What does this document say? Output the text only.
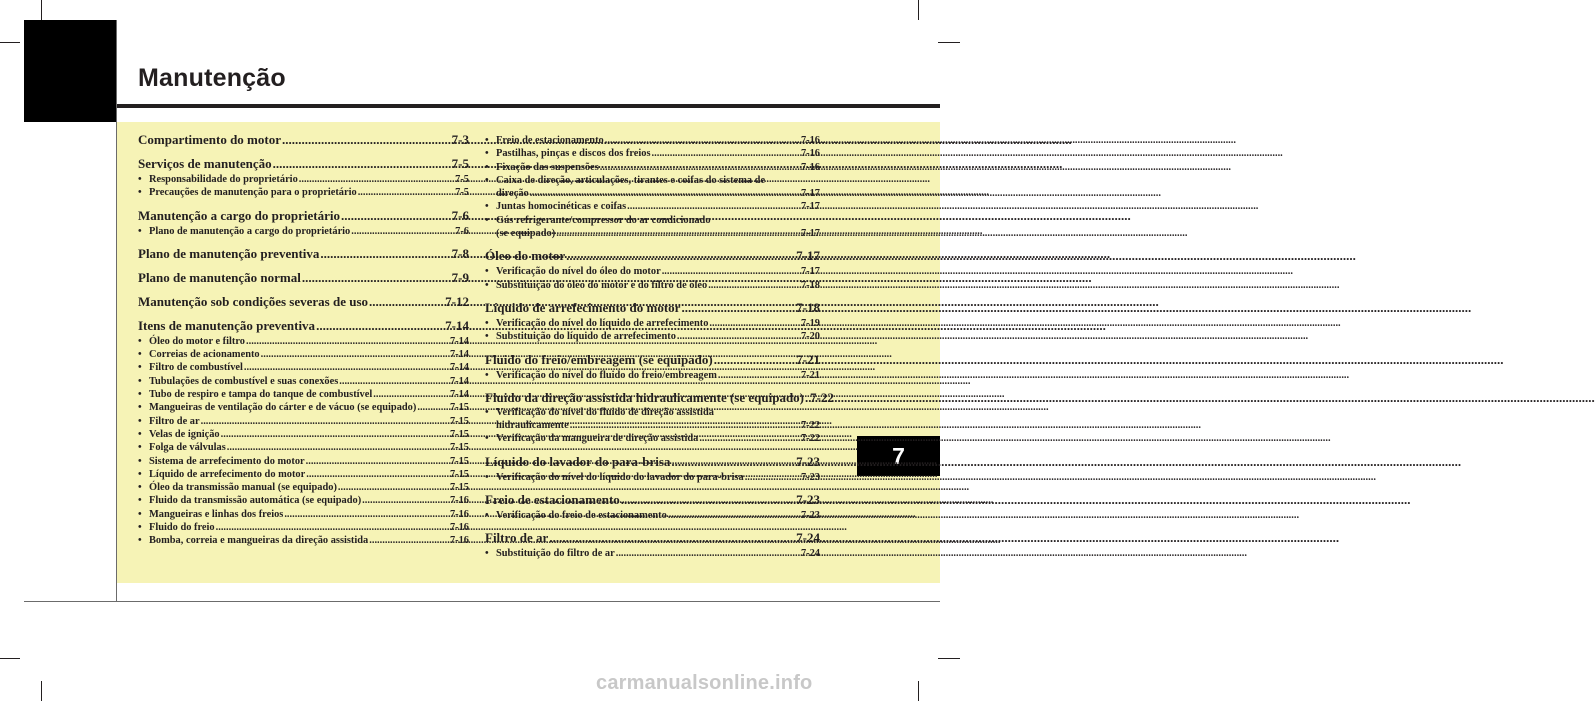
Manutenção
7
Compartimento do motor .....	7-3
Serviços de manutenção .....	7-5
• Responsabilidade do proprietário .....	7-5
• Precauções de manutenção para o proprietário .....	7-5
Manutenção a cargo do proprietário .....	7-6
• Plano de manutenção a cargo do proprietário .....	7-6
Plano de manutenção preventiva .....	7-8
Plano de manutenção normal .....	7-9
Manutenção sob condições severas de uso .....	7-12
Itens de manutenção preventiva .....	7-14
• Óleo do motor e filtro .....	7-14
• Correias de acionamento .....	7-14
• Filtro de combustível .....	7-14
• Tubulações de combustível e suas conexões .....	7-14
• Tubo de respiro e tampa do tanque de combustível .....	7-14
• Mangueiras de ventilação do cárter e de vácuo (se equipado) .....	7-15
• Filtro de ar .....	7-15
• Velas de ignição .....	7-15
• Folga de válvulas .....	7-15
• Sistema de arrefecimento do motor .....	7-15
• Líquido de arrefecimento do motor .....	7-15
• Óleo da transmissão manual (se equipado) .....	7-15
• Fluido da transmissão automática (se equipado) .....	7-16
• Mangueiras e linhas dos freios .....	7-16
• Fluido do freio .....	7-16
• Bomba, correia e mangueiras da direção assistida .....	7-16
• Freio de estacionamento .....	7-16
• Pastilhas, pinças e discos dos freios .....	7-16
• Fixação das suspensões .....	7-16
• Caixa de direção, articulações, tirantes e coifas do sistema de
direção .....	7-17
• Juntas homocinéticas e coifas .....	7-17
• Gás refrigerante/compressor do ar condicionado
(se equipado) .....	7-17
Óleo do motor .....	7-17
• Verificação do nível do óleo do motor .....	7-17
• Substituição do óleo do motor e do filtro de óleo .....	7-18
Líquido de arrefecimento do motor .....	7-18
• Verificação do nível do líquido de arrefecimento .....	7-19
• Substituição do líquido de arrefecimento .....	7-20
Fluido do freio/embreagem (se equipado) .....	7-21
• Verificação do nível do fluido do freio/embreagem .....	7-21
Fluido da direção assistida hidraulicamente (se equipado) ..... 7-22
• Verificação do nível do fluido de direção assistida
hidraulicamente .....	7-22
• Verificação da mangueira de direção assistida .....	7-22
Líquido do lavador do para-brisa .....	7-23
• Verificação do nível do líquido do lavador do para-brisa .....	7-23
Freio de estacionamento .....	7-23
• Verificação do freio de estacionamento .....	7-23
Filtro de ar .....	7-24
• Substituição do filtro de ar .....	7-24
carmanualsonline.info
